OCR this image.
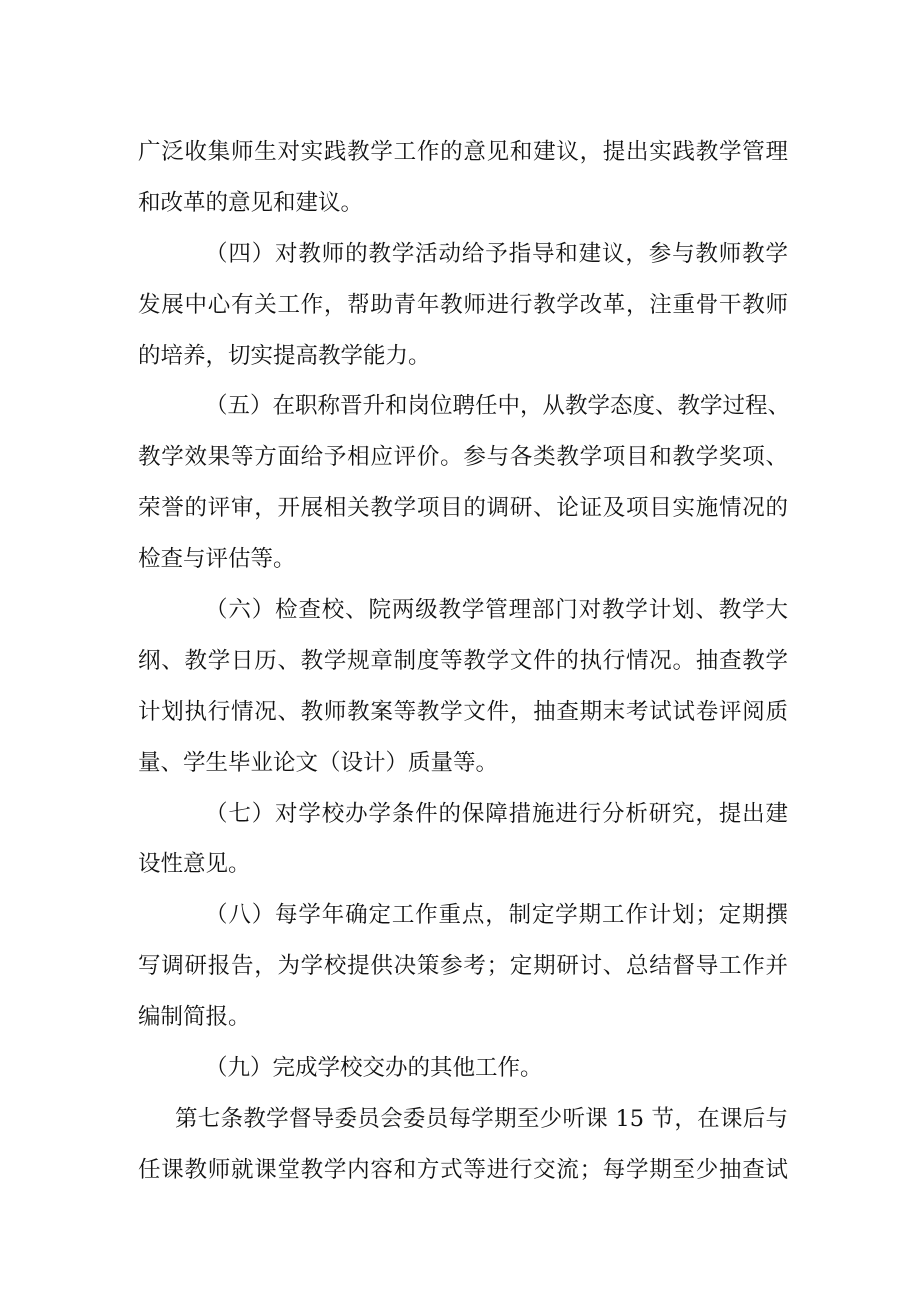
广泛收集师生对实践教学工作的意见和建议，提出实践教学管理
和改革的意见和建议。
（四）对教师的教学活动给予指导和建议，参与教师教学
发展中心有关工作，帮助青年教师进行教学改革，注重骨干教师
的培养，切实提高教学能力。
（五）在职称晋升和岗位聘任中，从教学态度、教学过程、
教学效果等方面给予相应评价。参与各类教学项目和教学奖项、
荣誉的评审，开展相关教学项目的调研、论证及项目实施情况的
检查与评估等。
（六）检查校、院两级教学管理部门对教学计划、教学大
纲、教学日历、教学规章制度等教学文件的执行情况。抽查教学
计划执行情况、教师教案等教学文件，抽查期末考试试卷评阅质
量、学生毕业论文（设计）质量等。
（七）对学校办学条件的保障措施进行分析研究，提出建
设性意见。
（八）每学年确定工作重点，制定学期工作计划；定期撰
写调研报告，为学校提供决策参考；定期研讨、总结督导工作并
编制简报。
（九）完成学校交办的其他工作。
第七条教学督导委员会委员每学期至少听课 15 节，在课后与
任课教师就课堂教学内容和方式等进行交流；每学期至少抽查试
